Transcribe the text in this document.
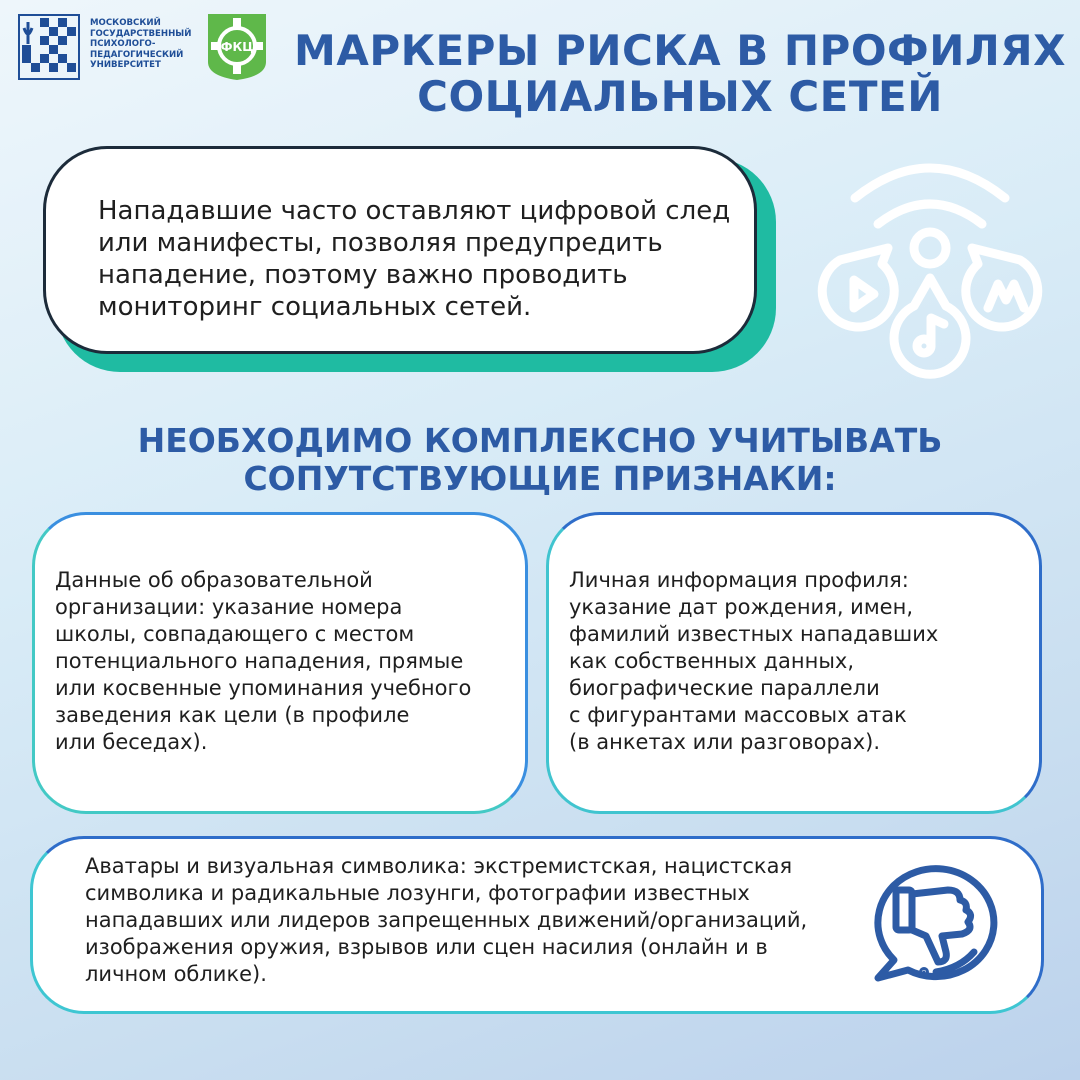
МОСКОВСКИЙ
ГОСУДАРСТВЕННЫЙ
ПСИХОЛОГО-
ПЕДАГОГИЧЕСКИЙ
УНИВЕРСИТЕТ

ФКЦ МАРКЕРЫ РИСКА В ПРОФИЛЯХ
СОЦИАЛЬНЫХ СЕТЕЙ

Нападавшие часто оставляют цифровой след
или манифесты, позволяя предупредить
нападение, поэтому важно проводить
мониторинг социальных сетей.

НЕОБХОДИМО КОМПЛЕКСНО УЧИТЫВАТЬ
СОПУТСТВУЮЩИЕ ПРИЗНАКИ:

Данные об образовательной
организации: указание номера
школы, совпадающего с местом
потенциального нападения, прямые
или косвенные упоминания учебного
заведения как цели (в профиле
или беседах).

Личная информация профиля:
указание дат рождения, имен,
фамилий известных нападавших
как собственных данных,
биографические параллели
с фигурантами массовых атак
(в анкетах или разговорах).

Аватары и визуальная символика: экстремистская, нацистская
символика и радикальные лозунги, фотографии известных
нападавших или лидеров запрещенных движений/организаций,
изображения оружия, взрывов или сцен насилия (онлайн и в
личном облике).
